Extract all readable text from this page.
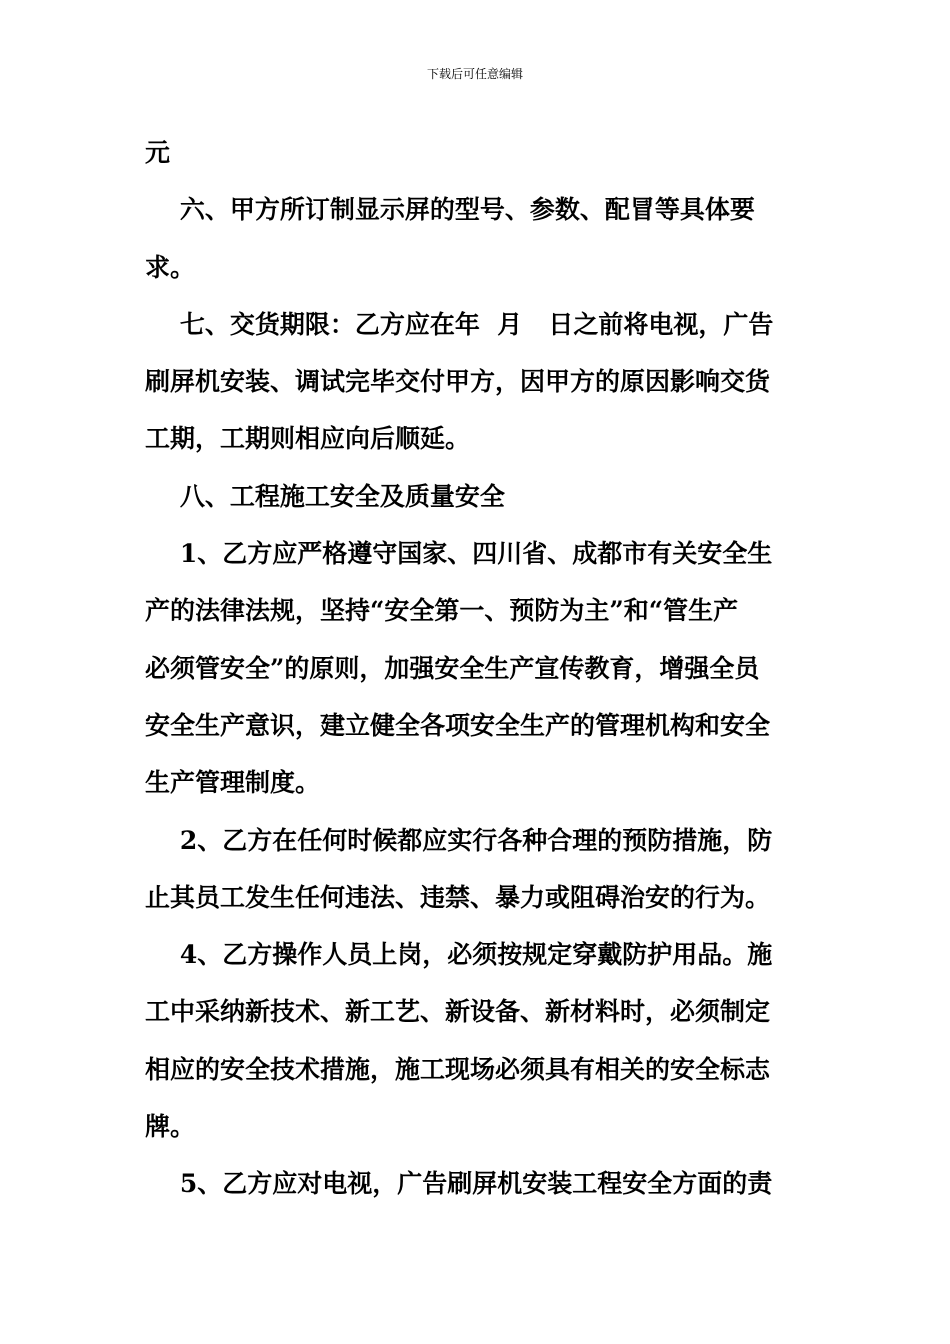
下载后可任意编辑
元
六、甲方所订制显示屏的型号、参数、配冒等具体要
求。
七、交货期限：乙方应在年  月   日之前将电视，广告
刷屏机安装、调试完毕交付甲方，因甲方的原因影响交货
工期，工期则相应向后顺延。
八、工程施工安全及质量安全
1、乙方应严格遵守国家、四川省、成都市有关安全生
产的法律法规，坚持“安全第一、预防为主”和“管生产
必须管安全”的原则，加强安全生产宣传教育，增强全员
安全生产意识，建立健全各项安全生产的管理机构和安全
生产管理制度。
2、乙方在任何时候都应实行各种合理的预防措施，防
止其员工发生任何违法、违禁、暴力或阻碍治安的行为。
4、乙方操作人员上岗，必须按规定穿戴防护用品。施
工中采纳新技术、新工艺、新设备、新材料时，必须制定
相应的安全技术措施，施工现场必须具有相关的安全标志
牌。
5、乙方应对电视，广告刷屏机安装工程安全方面的责
